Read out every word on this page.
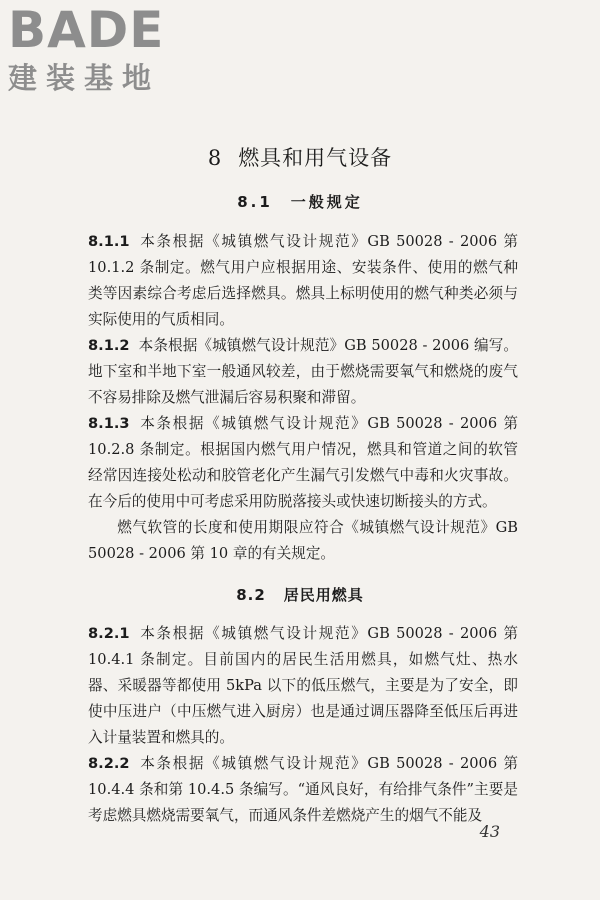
BADE
建装基地
8 燃具和用气设备
8.1 一般规定

8.1.1 本条根据《城镇燃气设计规范》GB 50028 - 2006 第 10.1.2 条制定。燃气用户应根据用途、安装条件、使用的燃气种类等因素综合考虑后选择燃具。燃具上标明使用的燃气种类必须与实际使用的气质相同。

8.1.2 本条根据《城镇燃气设计规范》GB 50028 - 2006 编写。地下室和半地下室一般通风较差，由于燃烧需要氧气和燃烧的废气不容易排除及燃气泄漏后容易积聚和滞留。

8.1.3 本条根据《城镇燃气设计规范》GB 50028 - 2006 第 10.2.8 条制定。根据国内燃气用户情况，燃具和管道之间的软管经常因连接处松动和胶管老化产生漏气引发燃气中毒和火灾事故。在今后的使用中可考虑采用防脱落接头或快速切断接头的方式。

燃气软管的长度和使用期限应符合《城镇燃气设计规范》GB 50028 - 2006 第 10 章的有关规定。

8.2 居民用燃具

8.2.1 本条根据《城镇燃气设计规范》GB 50028 - 2006 第 10.4.1 条制定。目前国内的居民生活用燃具，如燃气灶、热水器、采暖器等都使用 5kPa 以下的低压燃气，主要是为了安全，即使中压进户（中压燃气进入厨房）也是通过调压器降至低压后再进入计量装置和燃具的。

8.2.2 本条根据《城镇燃气设计规范》GB 50028 - 2006 第 10.4.4 条和第 10.4.5 条编写。“通风良好，有给排气条件”主要是考虑燃具燃烧需要氧气，而通风条件差燃烧产生的烟气不能及

43
